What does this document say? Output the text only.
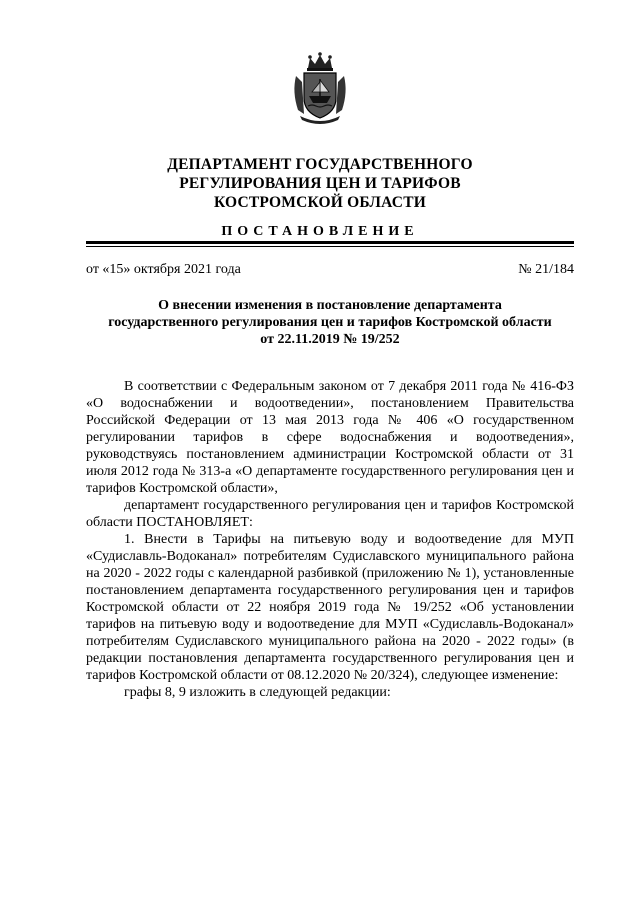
ДЕПАРТАМЕНТ ГОСУДАРСТВЕННОГО
РЕГУЛИРОВАНИЯ ЦЕН И ТАРИФОВ
КОСТРОМСКОЙ ОБЛАСТИ
ПОСТАНОВЛЕНИЕ
от «15» октября 2021 года	№ 21/184
О внесении изменения в постановление департамента
государственного регулирования цен и тарифов Костромской области
от 22.11.2019 № 19/252

В соответствии с Федеральным законом от 7 декабря 2011 года № 416-ФЗ «О водоснабжении и водоотведении», постановлением Правительства Российской Федерации от 13 мая 2013 года № 406 «О государственном регулировании тарифов в сфере водоснабжения и водоотведения», руководствуясь постановлением администрации Костромской области от 31 июля 2012 года № 313-а «О департаменте государственного регулирования цен и тарифов Костромской области»,

департамент государственного регулирования цен и тарифов Костромской области ПОСТАНОВЛЯЕТ:

1. Внести в Тарифы на питьевую воду и водоотведение для МУП «Судиславль-Водоканал» потребителям Судиславского муниципального района на 2020 - 2022 годы с календарной разбивкой (приложению № 1), установленные постановлением департамента государственного регулирования цен и тарифов Костромской области от 22 ноября 2019 года № 19/252 «Об установлении тарифов на питьевую воду и водоотведение для МУП «Судиславль-Водоканал» потребителям Судиславского муниципального района на 2020 - 2022 годы» (в редакции постановления департамента государственного регулирования цен и тарифов Костромской области от 08.12.2020 № 20/324), следующее изменение:

графы 8, 9 изложить в следующей редакции:
